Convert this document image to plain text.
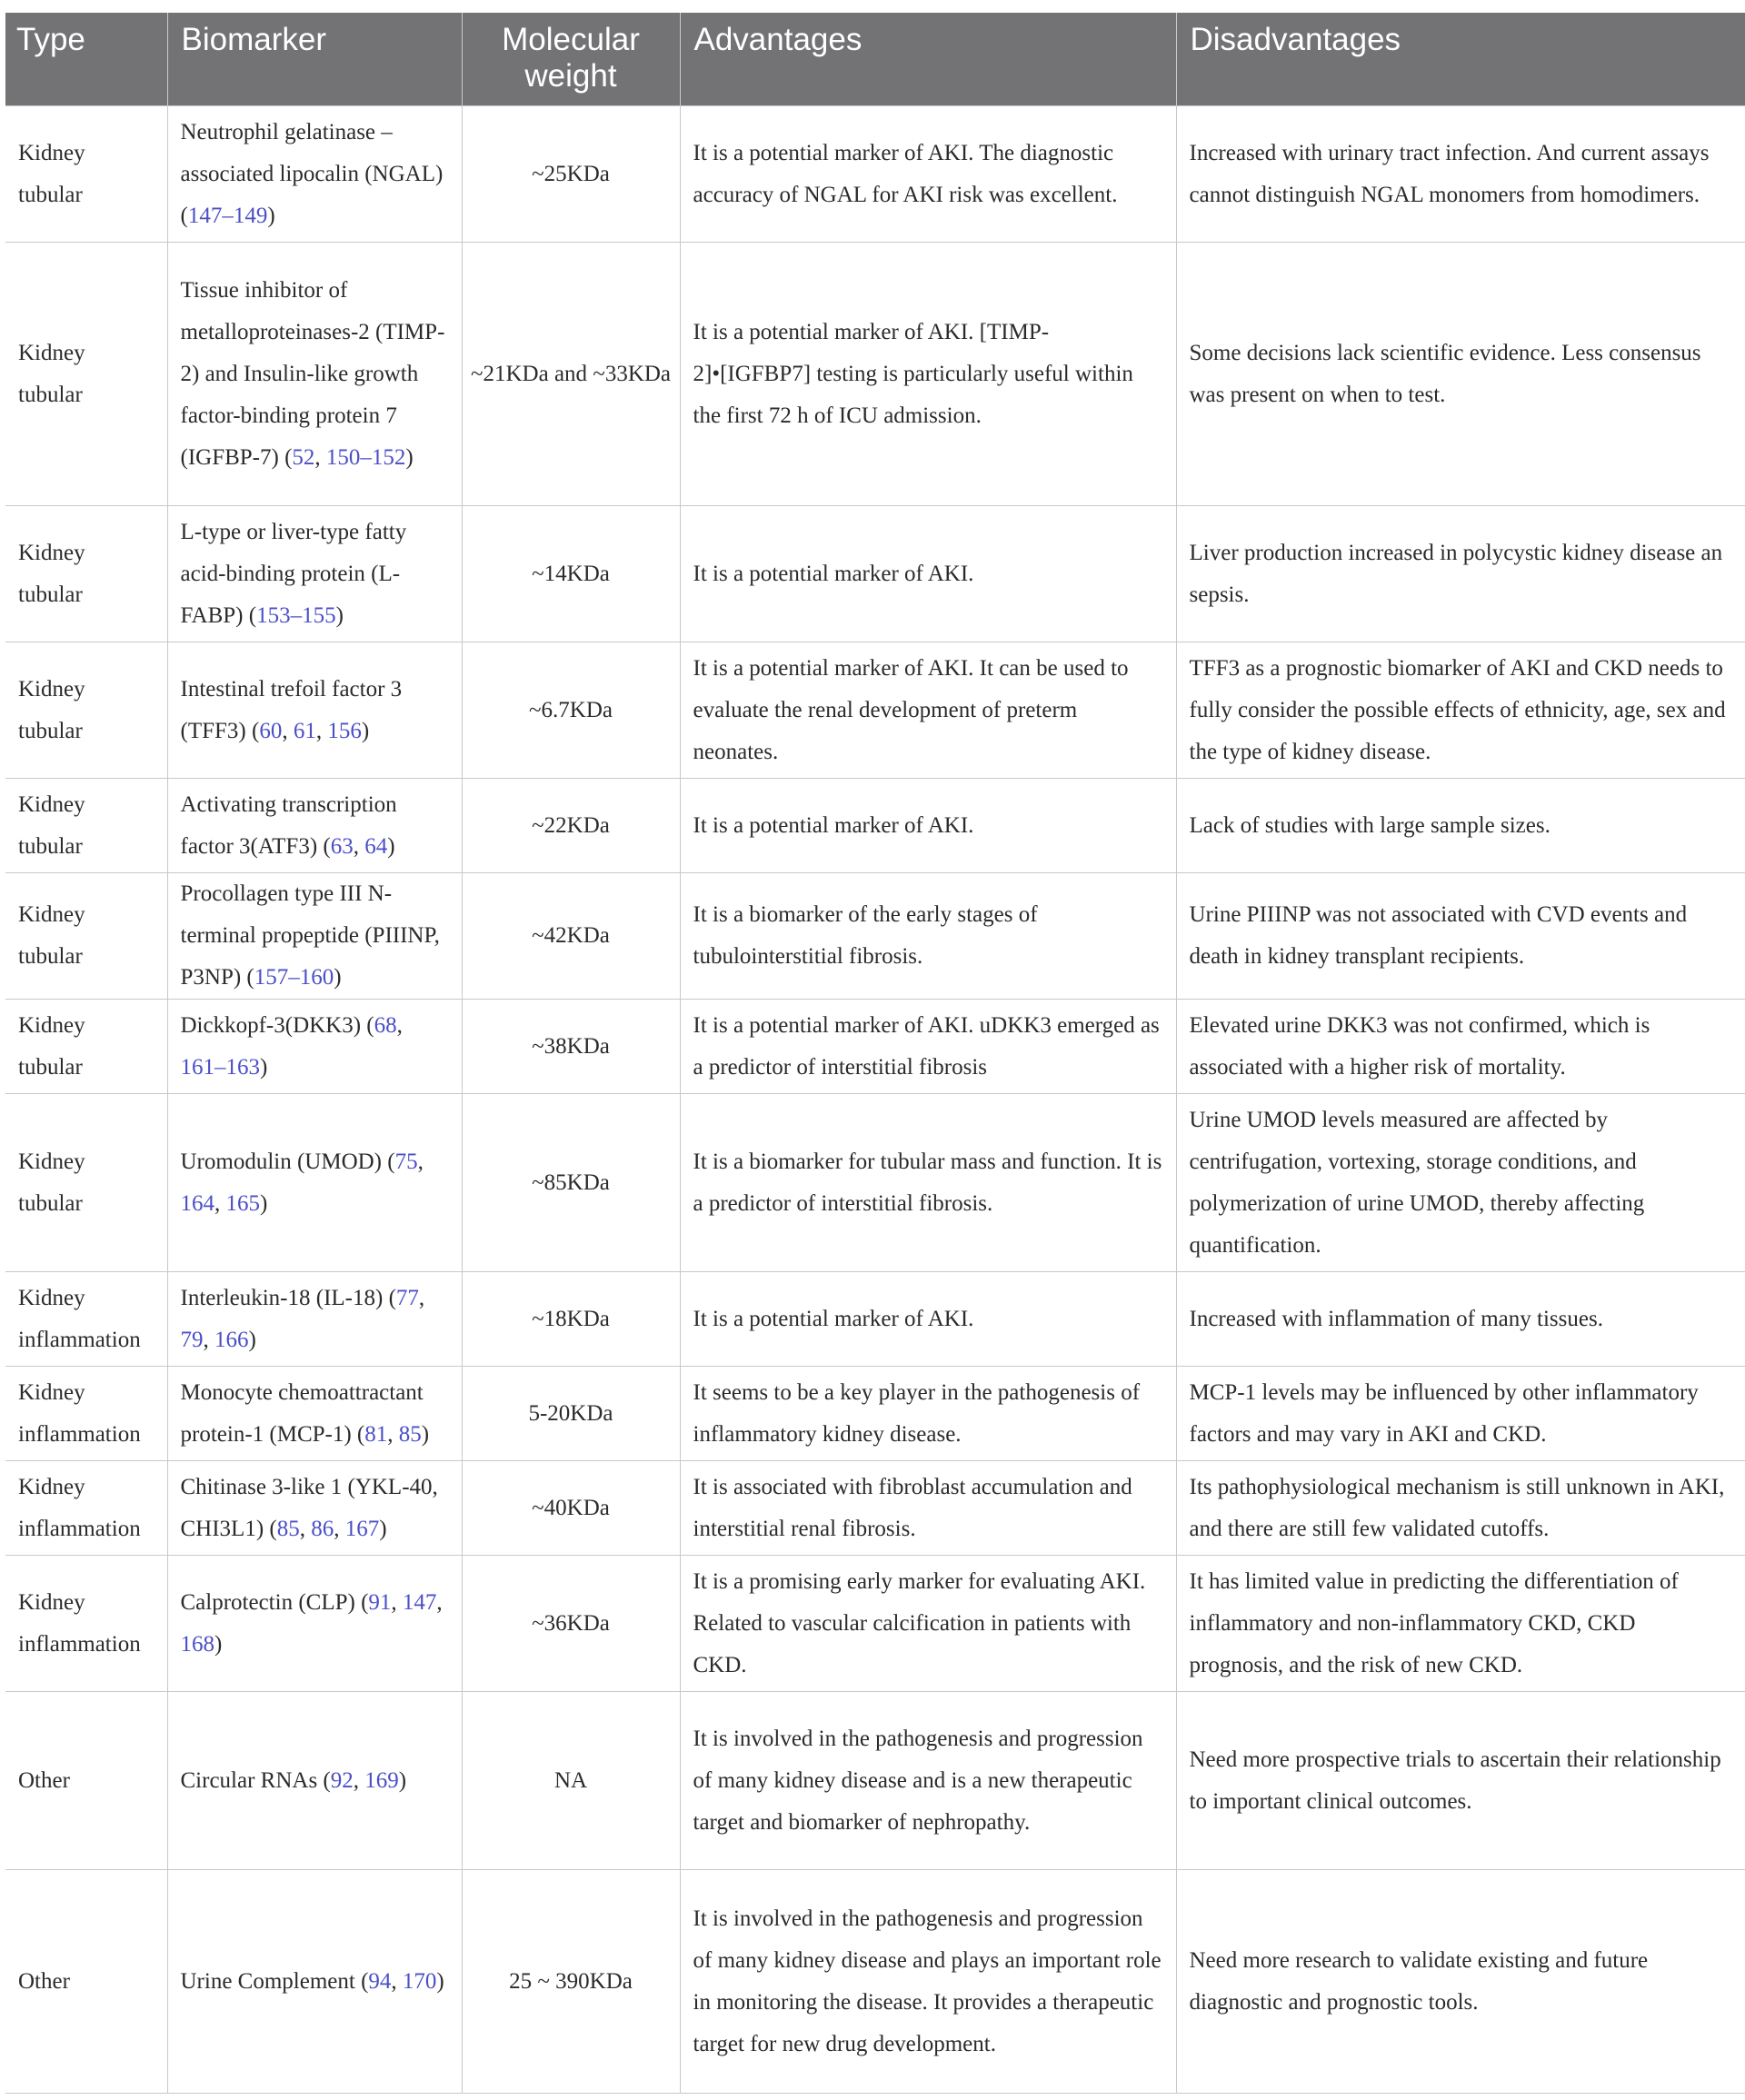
Type	Biomarker	Molecular weight	Advantages	Disadvantages
Kidney tubular	Neutrophil gelatinase – associated lipocalin (NGAL) (147–149)	~25KDa	It is a potential marker of AKI. The diagnostic accuracy of NGAL for AKI risk was excellent.	Increased with urinary tract infection. And current assays cannot distinguish NGAL monomers from homodimers.
Kidney tubular	Tissue inhibitor of metalloproteinases-2 (TIMP-2) and Insulin-like growth factor-binding protein 7 (IGFBP-7) (52, 150–152)	~21KDa and ~33KDa	It is a potential marker of AKI. [TIMP-2]•[IGFBP7] testing is particularly useful within the first 72 h of ICU admission.	Some decisions lack scientific evidence. Less consensus was present on when to test.
Kidney tubular	L-type or liver-type fatty acid-binding protein (L-FABP) (153–155)	~14KDa	It is a potential marker of AKI.	Liver production increased in polycystic kidney disease an sepsis.
Kidney tubular	Intestinal trefoil factor 3 (TFF3) (60, 61, 156)	~6.7KDa	It is a potential marker of AKI. It can be used to evaluate the renal development of preterm neonates.	TFF3 as a prognostic biomarker of AKI and CKD needs to fully consider the possible effects of ethnicity, age, sex and the type of kidney disease.
Kidney tubular	Activating transcription factor 3(ATF3) (63, 64)	~22KDa	It is a potential marker of AKI.	Lack of studies with large sample sizes.
Kidney tubular	Procollagen type III N-terminal propeptide (PIIINP, P3NP) (157–160)	~42KDa	It is a biomarker of the early stages of tubulointerstitial fibrosis.	Urine PIIINP was not associated with CVD events and death in kidney transplant recipients.
Kidney tubular	Dickkopf-3(DKK3) (68, 161–163)	~38KDa	It is a potential marker of AKI. uDKK3 emerged as a predictor of interstitial fibrosis	Elevated urine DKK3 was not confirmed, which is associated with a higher risk of mortality.
Kidney tubular	Uromodulin (UMOD) (75, 164, 165)	~85KDa	It is a biomarker for tubular mass and function. It is a predictor of interstitial fibrosis.	Urine UMOD levels measured are affected by centrifugation, vortexing, storage conditions, and polymerization of urine UMOD, thereby affecting quantification.
Kidney inflammation	Interleukin-18 (IL-18) (77, 79, 166)	~18KDa	It is a potential marker of AKI.	Increased with inflammation of many tissues.
Kidney inflammation	Monocyte chemoattractant protein-1 (MCP-1) (81, 85)	5-20KDa	It seems to be a key player in the pathogenesis of inflammatory kidney disease.	MCP-1 levels may be influenced by other inflammatory factors and may vary in AKI and CKD.
Kidney inflammation	Chitinase 3-like 1 (YKL-40, CHI3L1) (85, 86, 167)	~40KDa	It is associated with fibroblast accumulation and interstitial renal fibrosis.	Its pathophysiological mechanism is still unknown in AKI, and there are still few validated cutoffs.
Kidney inflammation	Calprotectin (CLP) (91, 147, 168)	~36KDa	It is a promising early marker for evaluating AKI. Related to vascular calcification in patients with CKD.	It has limited value in predicting the differentiation of inflammatory and non-inflammatory CKD, CKD prognosis, and the risk of new CKD.
Other	Circular RNAs (92, 169)	NA	It is involved in the pathogenesis and progression of many kidney disease and is a new therapeutic target and biomarker of nephropathy.	Need more prospective trials to ascertain their relationship to important clinical outcomes.
Other	Urine Complement (94, 170)	25 ~ 390KDa	It is involved in the pathogenesis and progression of many kidney disease and plays an important role in monitoring the disease. It provides a therapeutic target for new drug development.	Need more research to validate existing and future diagnostic and prognostic tools.
